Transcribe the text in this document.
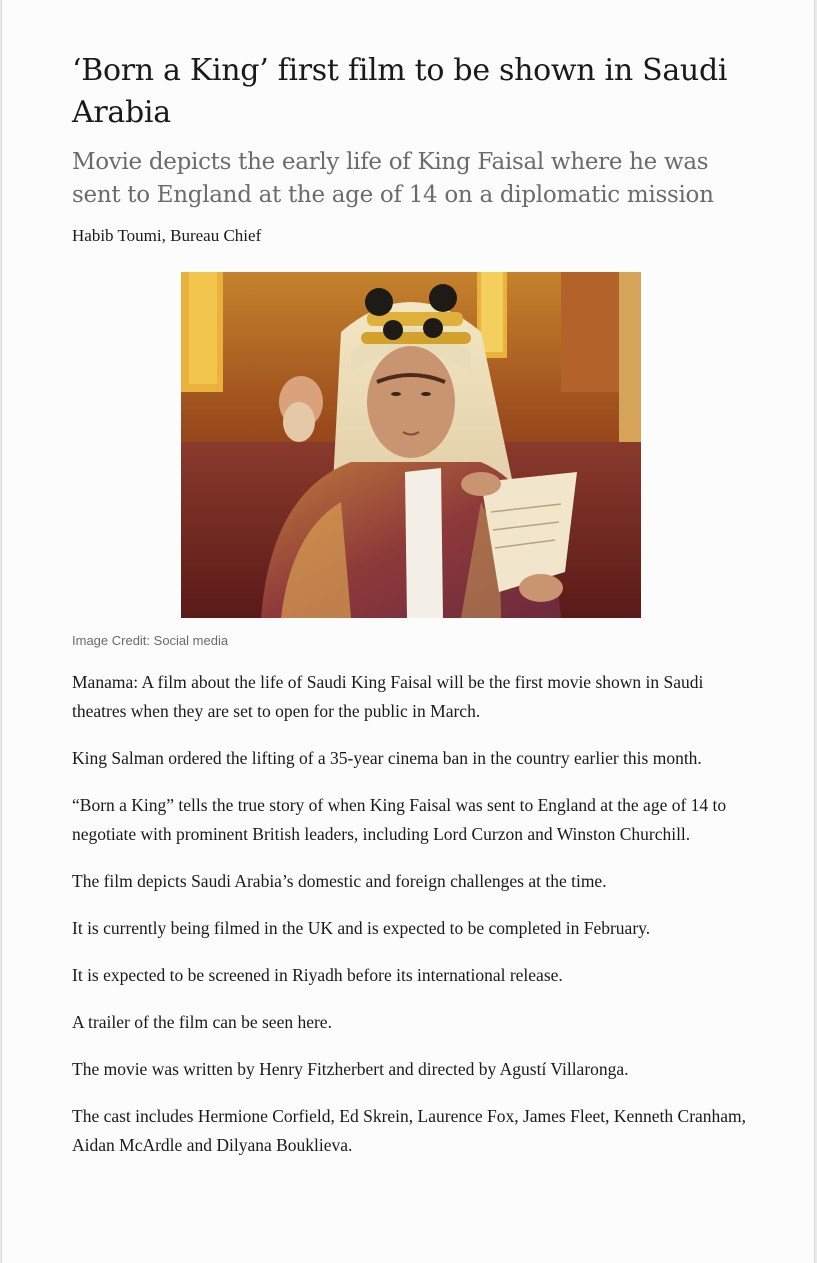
‘Born a King’ first film to be shown in Saudi Arabia
Movie depicts the early life of King Faisal where he was sent to England at the age of 14 on a diplomatic mission
Habib Toumi, Bureau Chief
Image Credit: Social media

Manama: A film about the life of Saudi King Faisal will be the first movie shown in Saudi theatres when they are set to open for the public in March.

King Salman ordered the lifting of a 35-year cinema ban in the country earlier this month.

“Born a King” tells the true story of when King Faisal was sent to England at the age of 14 to negotiate with prominent British leaders, including Lord Curzon and Winston Churchill.

The film depicts Saudi Arabia’s domestic and foreign challenges at the time.

It is currently being filmed in the UK and is expected to be completed in February.

It is expected to be screened in Riyadh before its international release.

A trailer of the film can be seen here.

The movie was written by Henry Fitzherbert and directed by Agustí Villaronga.

The cast includes Hermione Corfield, Ed Skrein, Laurence Fox, James Fleet, Kenneth Cranham, Aidan McArdle and Dilyana Bouklieva.
